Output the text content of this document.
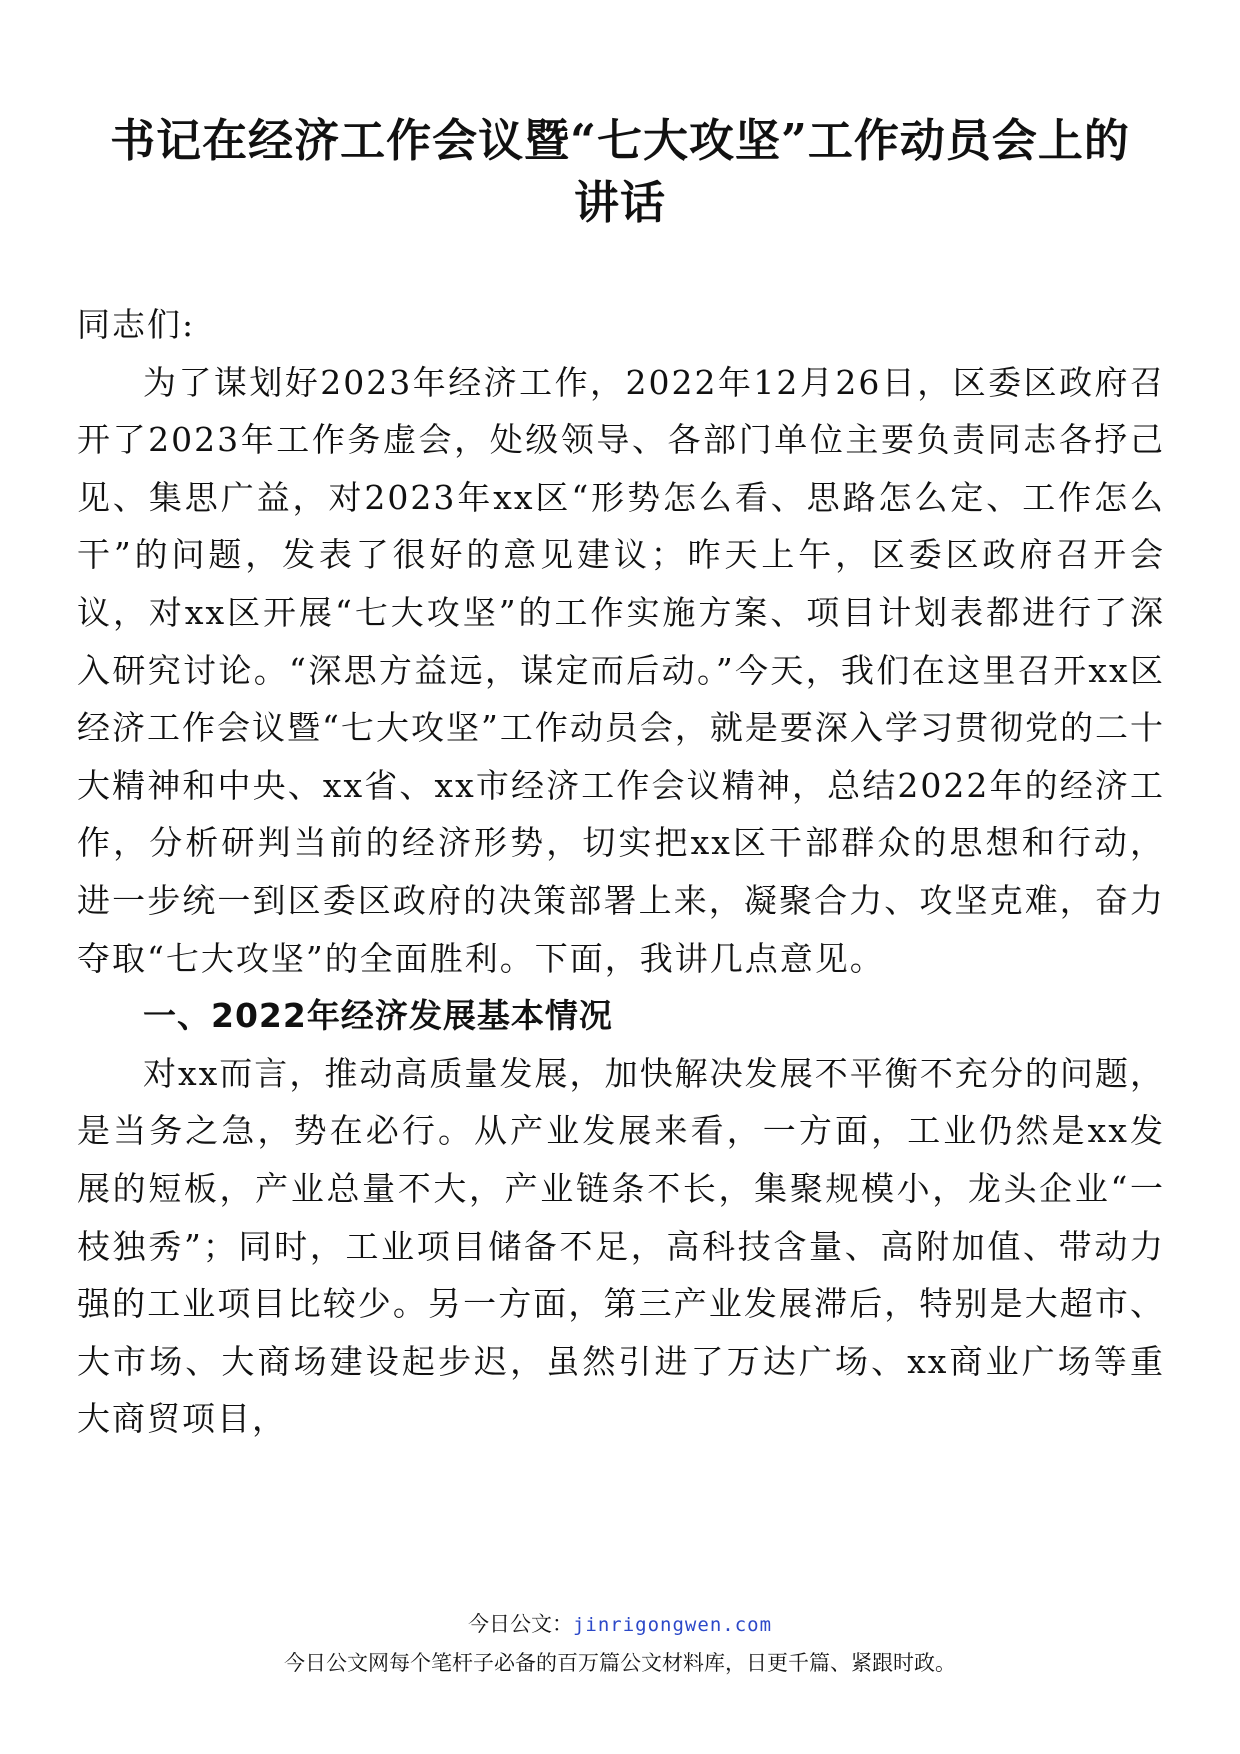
书记在经济工作会议暨“七大攻坚”工作动员会上的讲话

同志们:

为了谋划好2023年经济工作，2022年12月26日，区委区政府召开了2023年工作务虚会，处级领导、各部门单位主要负责同志各抒己见、集思广益，对2023年xx区“形势怎么看、思路怎么定、工作怎么干”的问题，发表了很好的意见建议；昨天上午，区委区政府召开会议，对xx区开展“七大攻坚”的工作实施方案、项目计划表都进行了深入研究讨论。“深思方益远，谋定而后动。”今天，我们在这里召开xx区经济工作会议暨“七大攻坚”工作动员会，就是要深入学习贯彻党的二十大精神和中央、xx省、xx市经济工作会议精神，总结2022年的经济工作，分析研判当前的经济形势，切实把xx区干部群众的思想和行动，进一步统一到区委区政府的决策部署上来，凝聚合力、攻坚克难，奋力夺取“七大攻坚”的全面胜利。下面，我讲几点意见。

一、2022年经济发展基本情况

对xx而言，推动高质量发展，加快解决发展不平衡不充分的问题，是当务之急，势在必行。从产业发展来看，一方面，工业仍然是xx发展的短板，产业总量不大，产业链条不长，集聚规模小，龙头企业“一枝独秀”；同时，工业项目储备不足，高科技含量、高附加值、带动力强的工业项目比较少。另一方面，第三产业发展滞后，特别是大超市、大市场、大商场建设起步迟，虽然引进了万达广场、xx商业广场等重大商贸项目，

今日公文：jinrigongwen.com
今日公文网每个笔杆子必备的百万篇公文材料库，日更千篇、紧跟时政。
